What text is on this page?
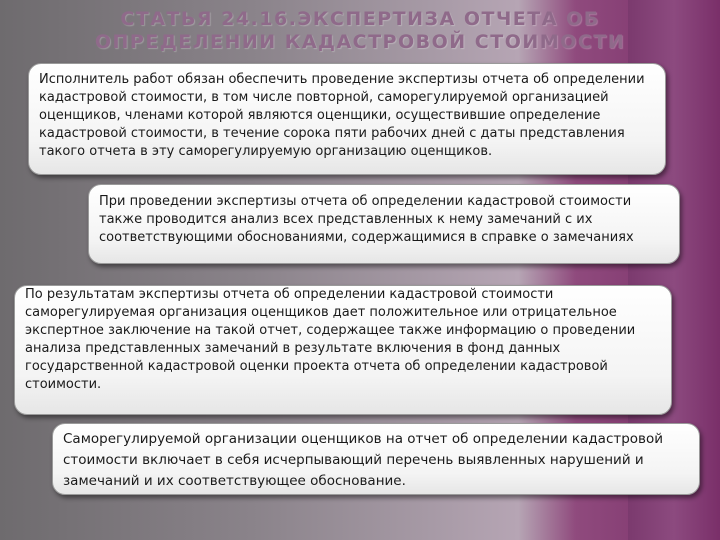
СТАТЬЯ 24.16.ЭКСПЕРТИЗА ОТЧЕТА ОБ ОПРЕДЕЛЕНИИ КАДАСТРОВОЙ СТОИМОСТИ
Исполнитель работ обязан обеспечить проведение экспертизы отчета об определении кадастровой стоимости, в том числе повторной, саморегулируемой организацией оценщиков, членами которой являются оценщики, осуществившие определение кадастровой стоимости, в течение сорока пяти рабочих дней с даты представления такого отчета в эту саморегулируемую организацию оценщиков.
При проведении экспертизы отчета об определении кадастровой стоимости также проводится анализ всех представленных к нему замечаний с их соответствующими обоснованиями, содержащимися в справке о замечаниях
По результатам экспертизы отчета об определении кадастровой стоимости саморегулируемая организация оценщиков дает положительное или отрицательное экспертное заключение на такой отчет, содержащее также информацию о проведении анализа представленных замечаний в результате включения в фонд данных государственной кадастровой оценки проекта отчета об определении кадастровой стоимости.
Саморегулируемой организации оценщиков на отчет об определении кадастровой стоимости включает в себя исчерпывающий перечень выявленных нарушений и замечаний и их соответствующее обоснование.
